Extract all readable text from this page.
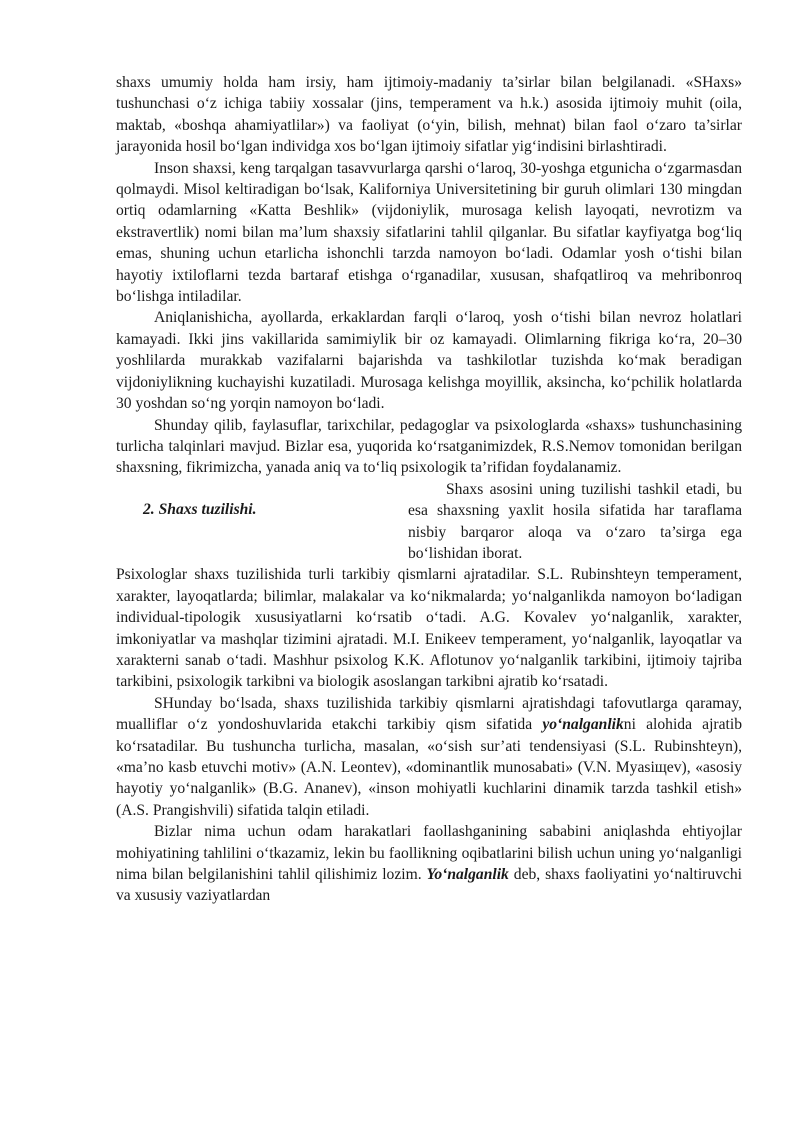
shaxs umumiy holda ham irsiy, ham ijtimoiy-madaniy ta’sirlar bilan belgilanadi. «SHaxs» tushunchasi o‘z ichiga tabiiy xossalar (jins, temperament va h.k.) asosida ijtimoiy muhit (oila, maktab, «boshqa ahamiyatlilar») va faoliyat (o‘yin, bilish, mehnat) bilan faol o‘zaro ta’sirlar jarayonida hosil bo‘lgan individga xos bo‘lgan ijtimoiy sifatlar yig‘indisini birlashtiradi.

Inson shaxsi, keng tarqalgan tasavvurlarga qarshi o‘laroq, 30-yoshga etgunicha o‘zgarmasdan qolmaydi. Misol keltiradigan bo‘lsak, Kaliforniya Universitetining bir guruh olimlari 130 mingdan ortiq odamlarning «Katta Beshlik» (vijdoniylik, murosaga kelish layoqati, nevrotizm va ekstravertlik) nomi bilan ma’lum shaxsiy sifatlarini tahlil qilganlar. Bu sifatlar kayfiyatga bog‘liq emas, shuning uchun etarlicha ishonchli tarzda namoyon bo‘ladi. Odamlar yosh o‘tishi bilan hayotiy ixtiloflarni tezda bartaraf etishga o‘rganadilar, xususan, shafqatliroq va mehribonroq bo‘lishga intiladilar.

Aniqlanishicha, ayollarda, erkaklardan farqli o‘laroq, yosh o‘tishi bilan nevroz holatlari kamayadi. Ikki jins vakillarida samimiylik bir oz kamayadi. Olimlarning fikriga ko‘ra, 20–30 yoshlilarda murakkab vazifalarni bajarishda va tashkilotlar tuzishda ko‘mak beradigan vijdoniylikning kuchayishi kuzatiladi. Murosaga kelishga moyillik, aksincha, ko‘pchilik holatlarda 30 yoshdan so‘ng yorqin namoyon bo‘ladi.

Shunday qilib, faylasuflar, tarixchilar, pedagoglar va psixologlarda «shaxs» tushunchasining turlicha talqinlari mavjud. Bizlar esa, yuqorida ko‘rsatganimizdek, R.S.Nemov tomonidan berilgan shaxsning, fikrimizcha, yanada aniq va to‘liq psixologik ta’rifidan foydalanamiz.

2. Shaxs tuzilishi.

Shaxs asosini uning tuzilishi tashkil etadi, bu esa shaxsning yaxlit hosila sifatida har taraflama nisbiy barqaror aloqa va o‘zaro ta’sirga ega bo‘lishidan iborat.

Psixologlar shaxs tuzilishida turli tarkibiy qismlarni ajratadilar. S.L. Rubinshteyn temperament, xarakter, layoqatlarda; bilimlar, malakalar va ko‘nikmalarda; yo‘nalganlikda namoyon bo‘ladigan individual-tipologik xususiyatlarni ko‘rsatib o‘tadi. A.G. Kovalev yo‘nalganlik, xarakter, imkoniyatlar va mashqlar tizimini ajratadi. M.I. Enikeev temperament, yo‘nalganlik, layoqatlar va xarakterni sanab o‘tadi. Mashhur psixolog K.K. Aflotunov yo‘nalganlik tarkibini, ijtimoiy tajriba tarkibini, psixologik tarkibni va biologik asoslangan tarkibni ajratib ko‘rsatadi.

SHunday bo‘lsada, shaxs tuzilishida tarkibiy qismlarni ajratishdagi tafovutlarga qaramay, mualliflar o‘z yondoshuvlarida etakchi tarkibiy qism sifatida yo‘nalganlikni alohida ajratib ko‘rsatadilar. Bu tushuncha turlicha, masalan, «o‘sish sur’ati tendensiyasi (S.L. Rubinshteyn), «ma’no kasb etuvchi motiv» (A.N. Leontev), «dominantlik munosabati» (V.N. Myasiщev), «asosiy hayotiy yo‘nalganlik» (B.G. Ananev), «inson mohiyatli kuchlarini dinamik tarzda tashkil etish» (A.S. Prangishvili) sifatida talqin etiladi.

Bizlar nima uchun odam harakatlari faollashganining sababini aniqlashda ehtiyojlar mohiyatining tahlilini o‘tkazamiz, lekin bu faollikning oqibatlarini bilish uchun uning yo‘nalganligi nima bilan belgilanishini tahlil qilishimiz lozim. Yo‘nalganlik deb, shaxs faoliyatini yo‘naltiruvchi va xususiy vaziyatlardan
